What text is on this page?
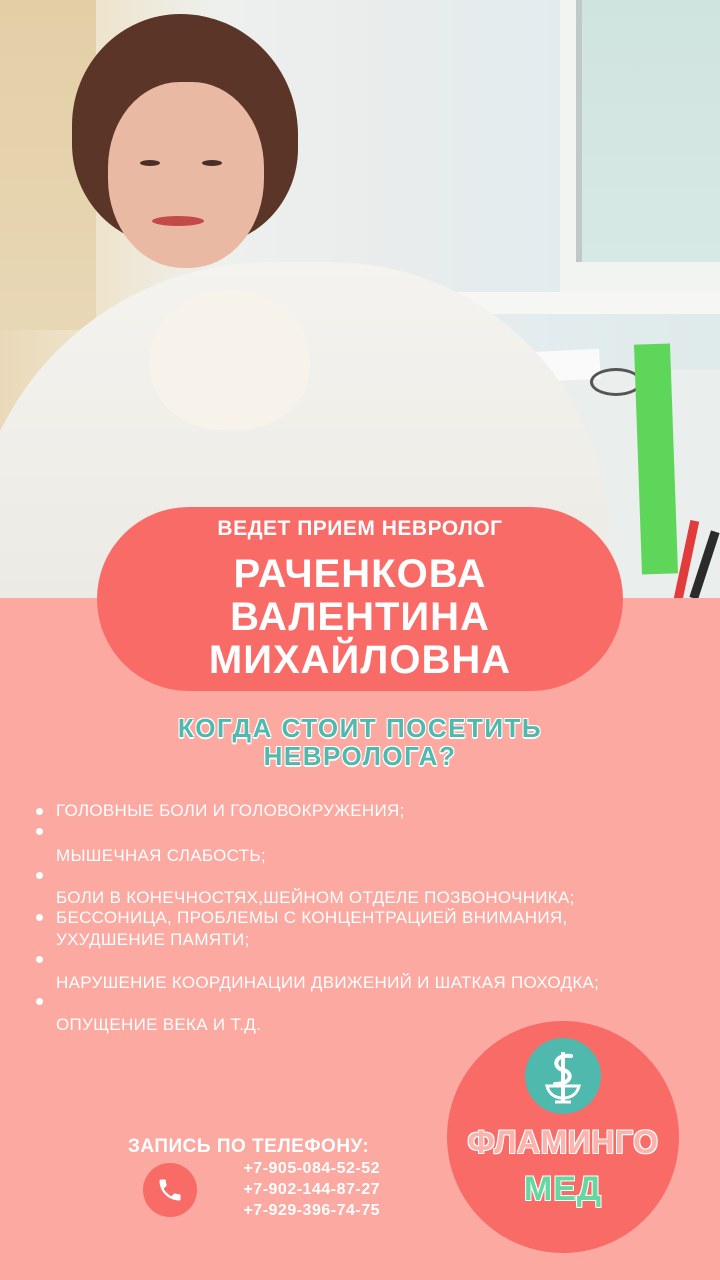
ВЕДЕТ ПРИЕМ НЕВРОЛОГ
РАЧЕНКОВА
ВАЛЕНТИНА
МИХАЙЛОВНА
КОГДА СТОИТ ПОСЕТИТЬ
НЕВРОЛОГА?
ГОЛОВНЫЕ БОЛИ И ГОЛОВОКРУЖЕНИЯ;
МЫШЕЧНАЯ СЛАБОСТЬ;
БОЛИ В КОНЕЧНОСТЯХ,ШЕЙНОМ ОТДЕЛЕ ПОЗВОНОЧНИКА;
БЕССОНИЦА, ПРОБЛЕМЫ С КОНЦЕНТРАЦИЕЙ ВНИМАНИЯ,
УХУДШЕНИЕ ПАМЯТИ;
НАРУШЕНИЕ КООРДИНАЦИИ ДВИЖЕНИЙ И ШАТКАЯ ПОХОДКА;
ОПУЩЕНИЕ ВЕКА И Т.Д.
ЗАПИСЬ ПО ТЕЛЕФОНУ:
+7-905-084-52-52
+7-902-144-87-27
+7-929-396-74-75
ФЛАМИНГО
МЕД
